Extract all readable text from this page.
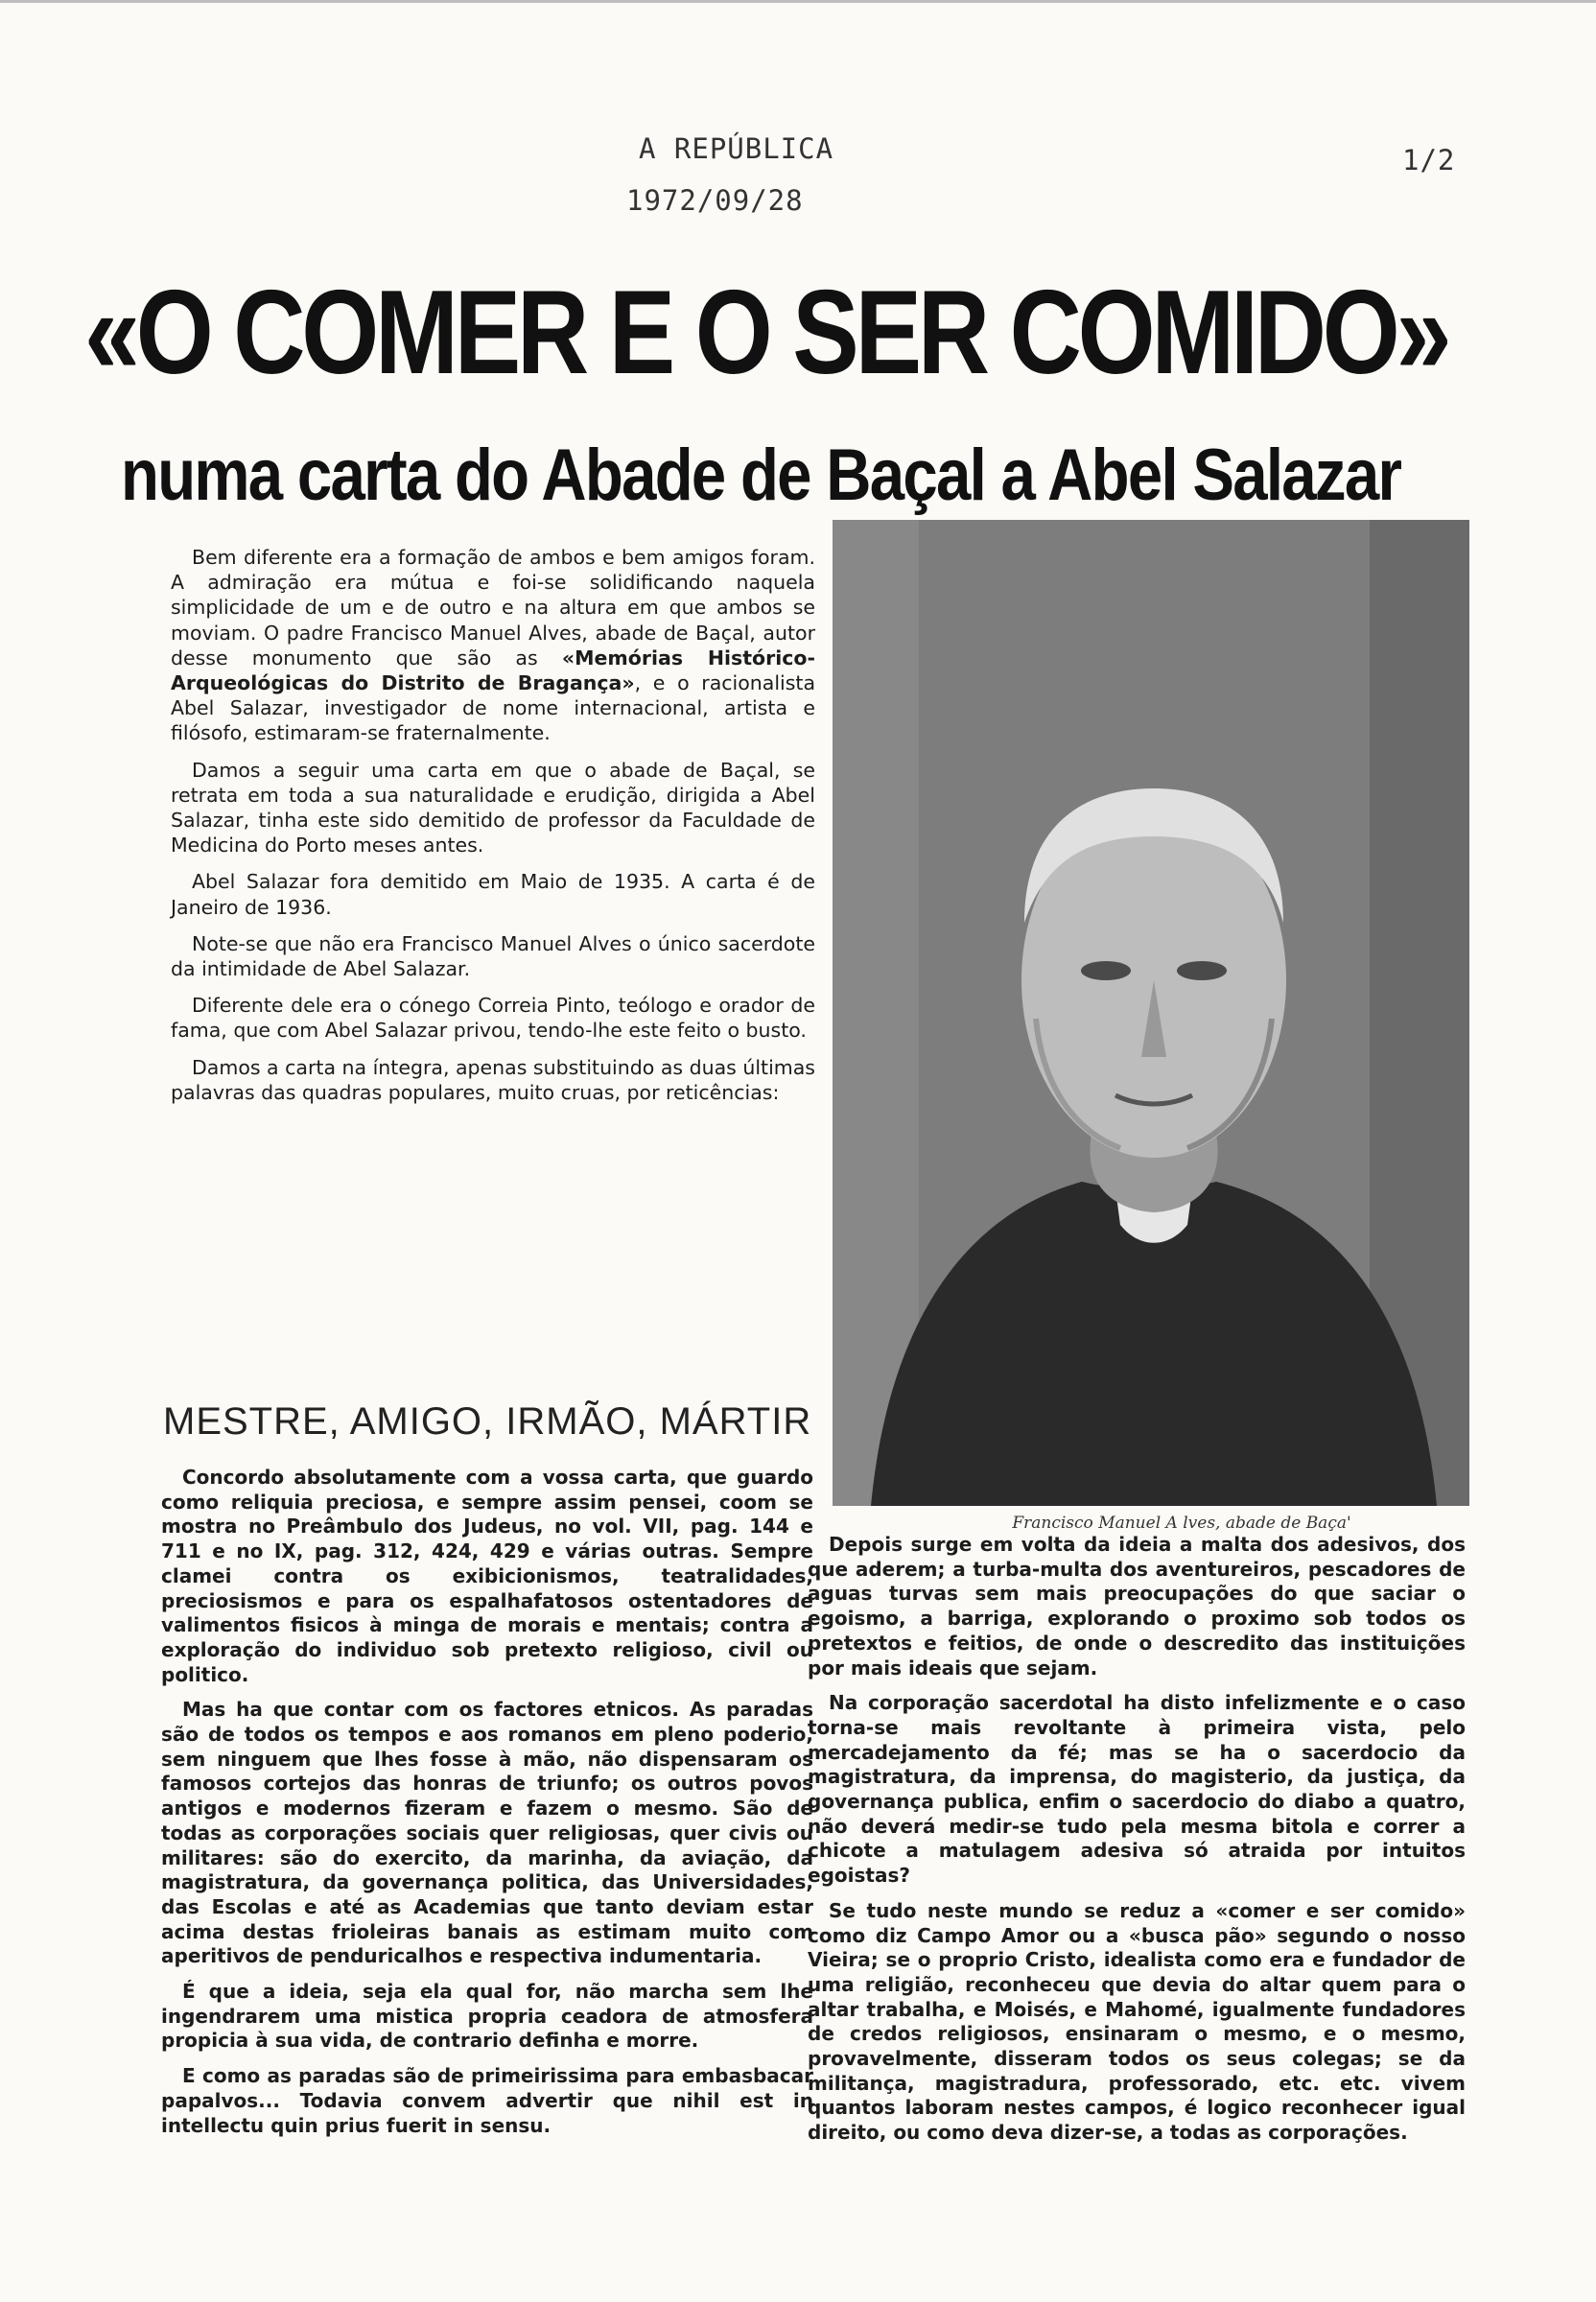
A REPÚBLICA
1972/09/28
1/2
«O COMER E O SER COMIDO»
numa carta do Abade de Baçal a Abel Salazar

Bem diferente era a formação de ambos e bem amigos foram. A admiração era mútua e foi-se solidificando naquela simplicidade de um e de outro e na altura em que ambos se moviam. O padre Francisco Manuel Alves, abade de Baçal, autor desse monumento que são as «Memórias Histórico-Arqueológicas do Distrito de Bragança», e o racionalista Abel Salazar, investigador de nome internacional, artista e filósofo, estimaram-se fraternalmente.

Damos a seguir uma carta em que o abade de Baçal, se retrata em toda a sua naturalidade e erudição, dirigida a Abel Salazar, tinha este sido demitido de professor da Faculdade de Medicina do Porto meses antes.

Abel Salazar fora demitido em Maio de 1935. A carta é de Janeiro de 1936.

Note-se que não era Francisco Manuel Alves o único sacerdote da intimidade de Abel Salazar.

Diferente dele era o cónego Correia Pinto, teólogo e orador de fama, que com Abel Salazar privou, tendo-lhe este feito o busto.

Damos a carta na íntegra, apenas substituindo as duas últimas palavras das quadras populares, muito cruas, por reticências:

Francisco Manuel A lves, abade de Baça'
MESTRE, AMIGO, IRMÃO, MÁRTIR

Concordo absolutamente com a vossa carta, que guardo como reliquia preciosa, e sempre assim pensei, coom se mostra no Preâmbulo dos Judeus, no vol. VII, pag. 144 e 711 e no IX, pag. 312, 424, 429 e várias outras. Sempre clamei contra os exibicionismos, teatralidades, preciosismos e para os espalhafatosos ostentadores de valimentos fisicos à minga de morais e mentais; contra a exploração do individuo sob pretexto religioso, civil ou politico.

Mas ha que contar com os factores etnicos. As paradas são de todos os tempos e aos romanos em pleno poderio, sem ninguem que lhes fosse à mão, não dispensaram os famosos cortejos das honras de triunfo; os outros povos antigos e modernos fizeram e fazem o mesmo. São de todas as corporações sociais quer religiosas, quer civis ou militares: são do exercito, da marinha, da aviação, da magistratura, da governança politica, das Universidades, das Escolas e até as Academias que tanto deviam estar acima destas frioleiras banais as estimam muito com aperitivos de penduricalhos e respectiva indumentaria.

É que a ideia, seja ela qual for, não marcha sem lhe ingendrarem uma mistica propria ceadora de atmosfera propicia à sua vida, de contrario definha e morre.

E como as paradas são de primeirissima para embasbacar papalvos... Todavia convem advertir que nihil est in intellectu quin prius fuerit in sensu.

Depois surge em volta da ideia a malta dos adesivos, dos que aderem; a turba-multa dos aventureiros, pescadores de aguas turvas sem mais preocupações do que saciar o egoismo, a barriga, explorando o proximo sob todos os pretextos e feitios, de onde o descredito das instituições por mais ideais que sejam.

Na corporação sacerdotal ha disto infelizmente e o caso torna-se mais revoltante à primeira vista, pelo mercadejamento da fé; mas se ha o sacerdocio da magistratura, da imprensa, do magisterio, da justiça, da governança publica, enfim o sacerdocio do diabo a quatro, não deverá medir-se tudo pela mesma bitola e correr a chicote a matulagem adesiva só atraida por intuitos egoistas?

Se tudo neste mundo se reduz a «comer e ser comido» como diz Campo Amor ou a «busca pão» segundo o nosso Vieira; se o proprio Cristo, idealista como era e fundador de uma religião, reconheceu que devia do altar quem para o altar trabalha, e Moisés, e Mahomé, igualmente fundadores de credos religiosos, ensinaram o mesmo, e o mesmo, provavelmente, disseram todos os seus colegas; se da militança, magistradura, professorado, etc. etc. vivem quantos laboram nestes campos, é logico reconhecer igual direito, ou como deva dizer-se, a todas as corporações.
